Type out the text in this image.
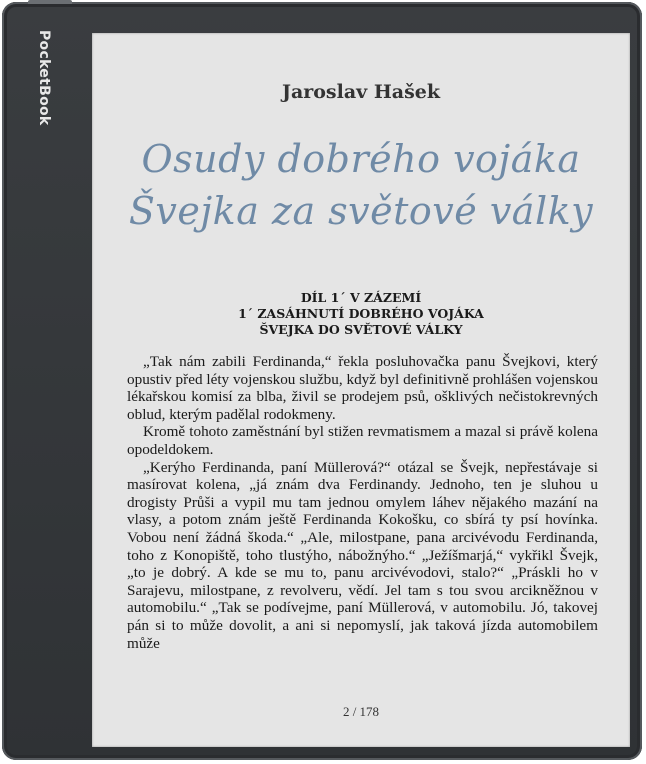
PocketBook	Jaroslav Hašek
Osudy dobrého vojáka
Švejka za světové války
DÍL 1´ V ZÁZEMÍ
1´ ZASÁHNUTÍ DOBRÉHO VOJÁKA
ŠVEJKA DO SVĚTOVÉ VÁLKY

„Tak nám zabili Ferdinanda,“ řekla posluhovačka panu Švejkovi, který opustiv před léty vojenskou službu, když byl definitivně prohlášen vojenskou lékařskou komisí za blba, živil se prodejem psů, ošklivých nečistokrevných oblud, kterým padělal rodokmeny.

Kromě tohoto zaměstnání byl stižen revmatismem a mazal si právě kolena opodeldokem.

„Kerýho Ferdinanda, paní Müllerová?“ otázal se Švejk, nepřestávaje si masírovat kolena, „já znám dva Ferdinandy. Jednoho, ten je sluhou u drogisty Průši a vypil mu tam jednou omylem láhev nějakého mazání na vlasy, a potom znám ještě Ferdinanda Kokošku, co sbírá ty psí hovínka. Vobou není žádná škoda.“ „Ale, milostpane, pana arcivévodu Ferdinanda, toho z Konopiště, toho tlustýho, nábožnýho.“ „Ježíšmarjá,“ vykřikl Švejk, „to je dobrý. A kde se mu to, panu arcivévodovi, stalo?“ „Práskli ho v Sarajevu, milostpane, z revolveru, vědí. Jel tam s tou svou arcikněžnou v automobilu.“ „Tak se podívejme, paní Müllerová, v automobilu. Jó, takovej pán si to může dovolit, a ani si nepomyslí, jak taková jízda automobilem může

2 / 178
